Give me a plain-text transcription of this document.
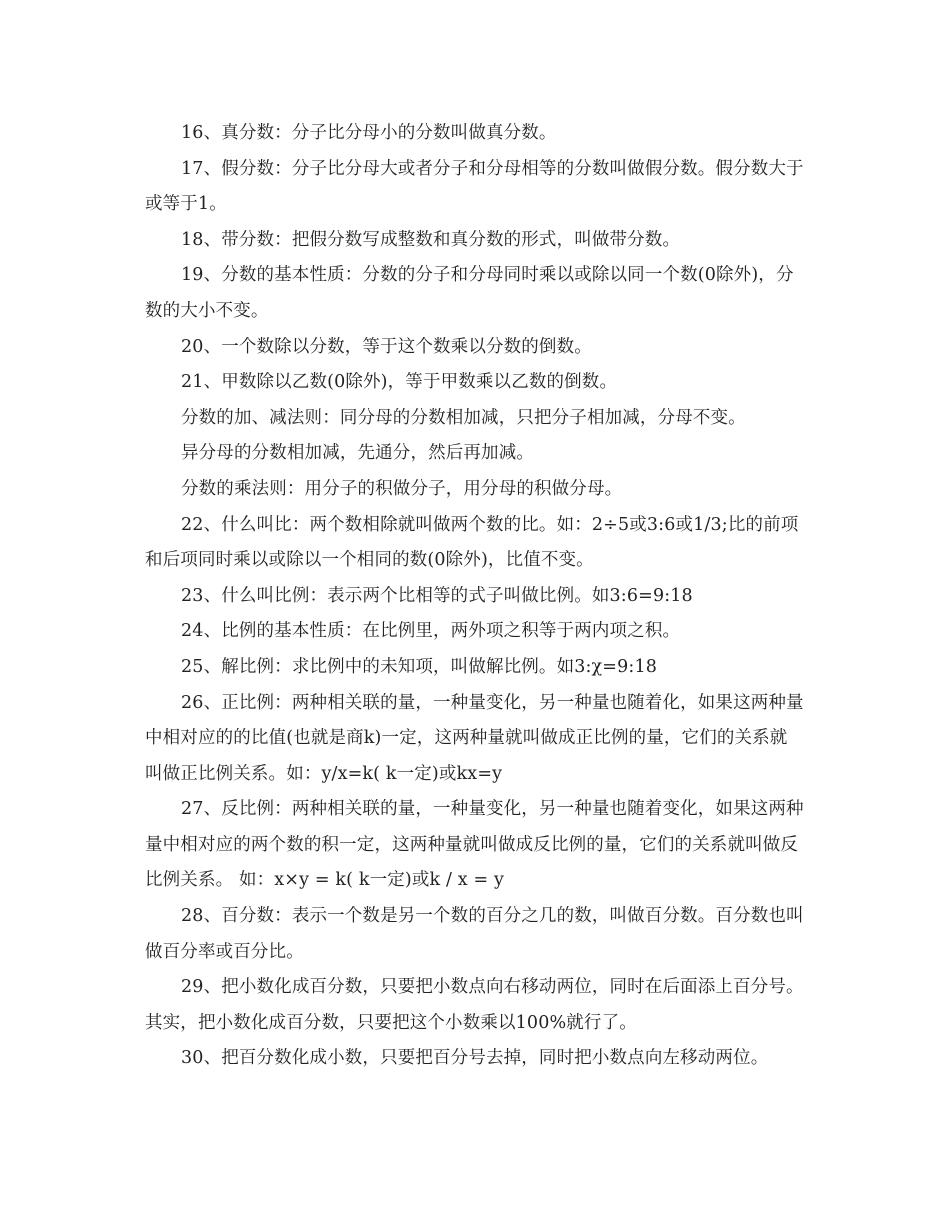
16、真分数：分子比分母小的分数叫做真分数。

17、假分数：分子比分母大或者分子和分母相等的分数叫做假分数。假分数大于或等于1。

18、带分数：把假分数写成整数和真分数的形式，叫做带分数。

19、分数的基本性质：分数的分子和分母同时乘以或除以同一个数(0除外)，分数的大小不变。

20、一个数除以分数，等于这个数乘以分数的倒数。

21、甲数除以乙数(0除外)，等于甲数乘以乙数的倒数。

分数的加、减法则：同分母的分数相加减，只把分子相加减，分母不变。

异分母的分数相加减，先通分，然后再加减。

分数的乘法则：用分子的积做分子，用分母的积做分母。

22、什么叫比：两个数相除就叫做两个数的比。如：2÷5或3:6或1/3;比的前项和后项同时乘以或除以一个相同的数(0除外)，比值不变。

23、什么叫比例：表示两个比相等的式子叫做比例。如3:6=9:18

24、比例的基本性质：在比例里，两外项之积等于两内项之积。

25、解比例：求比例中的未知项，叫做解比例。如3:χ=9:18

26、正比例：两种相关联的量，一种量变化，另一种量也随着化，如果这两种量中相对应的的比值(也就是商k)一定，这两种量就叫做成正比例的量，它们的关系就叫做正比例关系。如：y/x=k( k一定)或kx=y

27、反比例：两种相关联的量，一种量变化，另一种量也随着变化，如果这两种量中相对应的两个数的积一定，这两种量就叫做成反比例的量，它们的关系就叫做反比例关系。 如：x×y = k( k一定)或k / x = y

28、百分数：表示一个数是另一个数的百分之几的数，叫做百分数。百分数也叫做百分率或百分比。

29、把小数化成百分数，只要把小数点向右移动两位，同时在后面添上百分号。其实，把小数化成百分数，只要把这个小数乘以100%就行了。

30、把百分数化成小数，只要把百分号去掉，同时把小数点向左移动两位。
